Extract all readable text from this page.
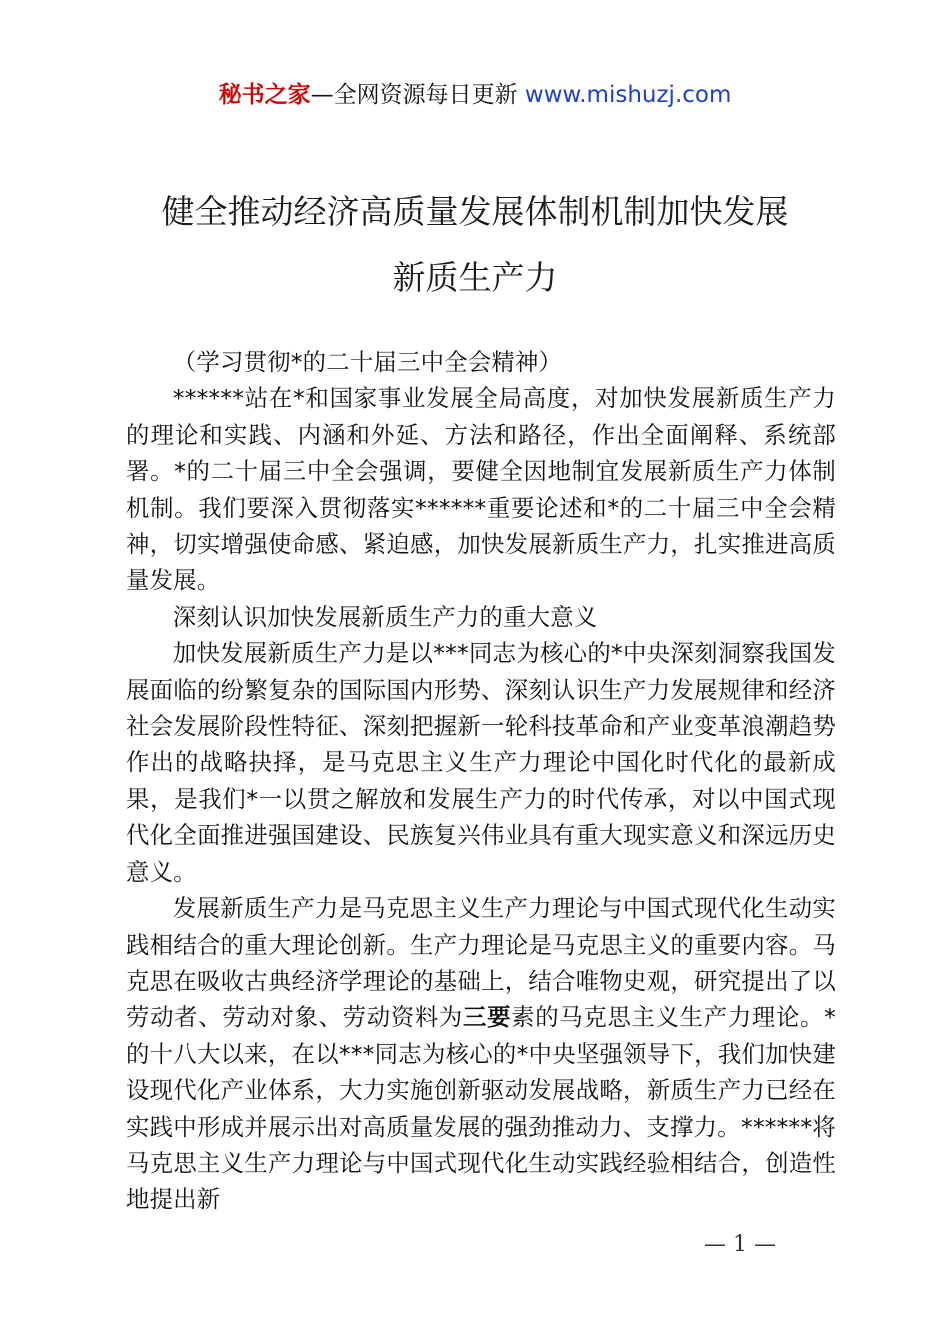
秘书之家—全网资源每日更新 www.mishuzj.com
健全推动经济高质量发展体制机制加快发展
新质生产力

（学习贯彻*的二十届三中全会精神）

******站在*和国家事业发展全局高度，对加快发展新质生产力的理论和实践、内涵和外延、方法和路径，作出全面阐释、系统部署。*的二十届三中全会强调，要健全因地制宜发展新质生产力体制机制。我们要深入贯彻落实******重要论述和*的二十届三中全会精神，切实增强使命感、紧迫感，加快发展新质生产力，扎实推进高质量发展。

深刻认识加快发展新质生产力的重大意义

加快发展新质生产力是以***同志为核心的*中央深刻洞察我国发展面临的纷繁复杂的国际国内形势、深刻认识生产力发展规律和经济社会发展阶段性特征、深刻把握新一轮科技革命和产业变革浪潮趋势作出的战略抉择，是马克思主义生产力理论中国化时代化的最新成果，是我们*一以贯之解放和发展生产力的时代传承，对以中国式现代化全面推进强国建设、民族复兴伟业具有重大现实意义和深远历史意义。

发展新质生产力是马克思主义生产力理论与中国式现代化生动实践相结合的重大理论创新。生产力理论是马克思主义的重要内容。马克思在吸收古典经济学理论的基础上，结合唯物史观，研究提出了以劳动者、劳动对象、劳动资料为三要素的马克思主义生产力理论。*的十八大以来，在以***同志为核心的*中央坚强领导下，我们加快建设现代化产业体系，大力实施创新驱动发展战略，新质生产力已经在实践中形成并展示出对高质量发展的强劲推动力、支撑力。******将马克思主义生产力理论与中国式现代化生动实践经验相结合，创造性地提出新

— 1 —
